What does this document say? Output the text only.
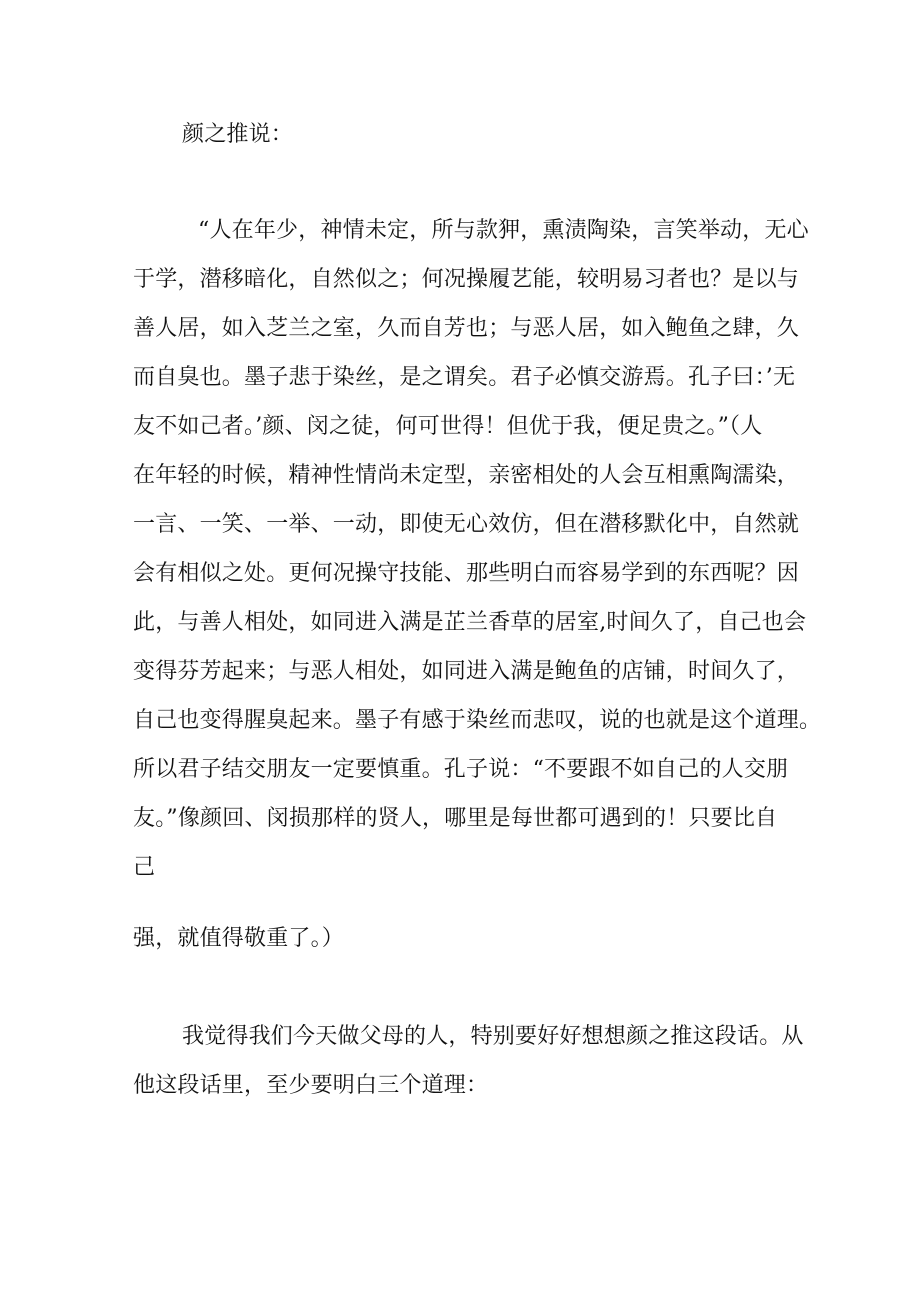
颜之推说：
“人在年少，神情未定，所与款狎，熏渍陶染，言笑举动，无心
于学，潜移暗化，自然似之；何况操履艺能，较明易习者也？是以与
善人居，如入芝兰之室，久而自芳也；与恶人居，如入鲍鱼之肆，久
而自臭也。墨子悲于染丝，是之谓矣。君子必慎交游焉。孔子曰：’无
友不如己者。’颜、闵之徒，何可世得！但优于我，便足贵之。”（人
在年轻的时候，精神性情尚未定型，亲密相处的人会互相熏陶濡染，
一言、一笑、一举、一动，即使无心效仿，但在潜移默化中，自然就
会有相似之处。更何况操守技能、那些明白而容易学到的东西呢？因
此，与善人相处，如同进入满是芷兰香草的居室,时间久了，自己也会
变得芬芳起来；与恶人相处，如同进入满是鲍鱼的店铺，时间久了，
自己也变得腥臭起来。墨子有感于染丝而悲叹，说的也就是这个道理。
所以君子结交朋友一定要慎重。孔子说：“不要跟不如自己的人交朋
友。”像颜回、闵损那样的贤人，哪里是每世都可遇到的！只要比自
己
强，就值得敬重了。）
我觉得我们今天做父母的人，特别要好好想想颜之推这段话。从
他这段话里，至少要明白三个道理：
